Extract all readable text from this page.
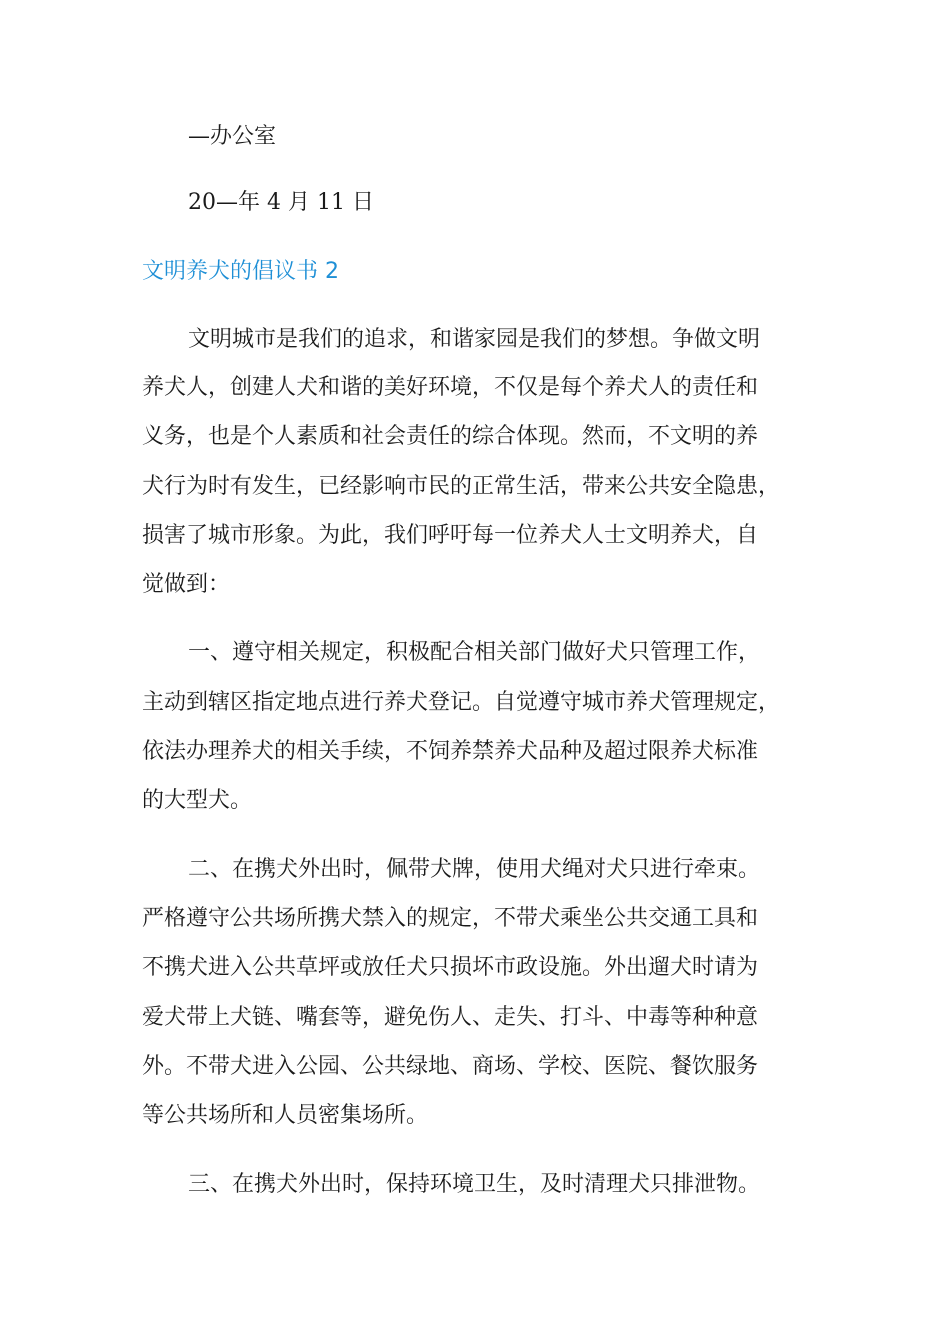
—办公室
20—年 4 月 11 日
文明养犬的倡议书 2
文明城市是我们的追求，和谐家园是我们的梦想。争做文明
养犬人，创建人犬和谐的美好环境，不仅是每个养犬人的责任和
义务，也是个人素质和社会责任的综合体现。然而，不文明的养
犬行为时有发生，已经影响市民的正常生活，带来公共安全隐患，
损害了城市形象。为此，我们呼吁每一位养犬人士文明养犬，自
觉做到：
一、遵守相关规定，积极配合相关部门做好犬只管理工作，
主动到辖区指定地点进行养犬登记。自觉遵守城市养犬管理规定，
依法办理养犬的相关手续，不饲养禁养犬品种及超过限养犬标准
的大型犬。
二、在携犬外出时，佩带犬牌，使用犬绳对犬只进行牵束。
严格遵守公共场所携犬禁入的规定，不带犬乘坐公共交通工具和
不携犬进入公共草坪或放任犬只损坏市政设施。外出遛犬时请为
爱犬带上犬链、嘴套等，避免伤人、走失、打斗、中毒等种种意
外。不带犬进入公园、公共绿地、商场、学校、医院、餐饮服务
等公共场所和人员密集场所。
三、在携犬外出时，保持环境卫生，及时清理犬只排泄物。
